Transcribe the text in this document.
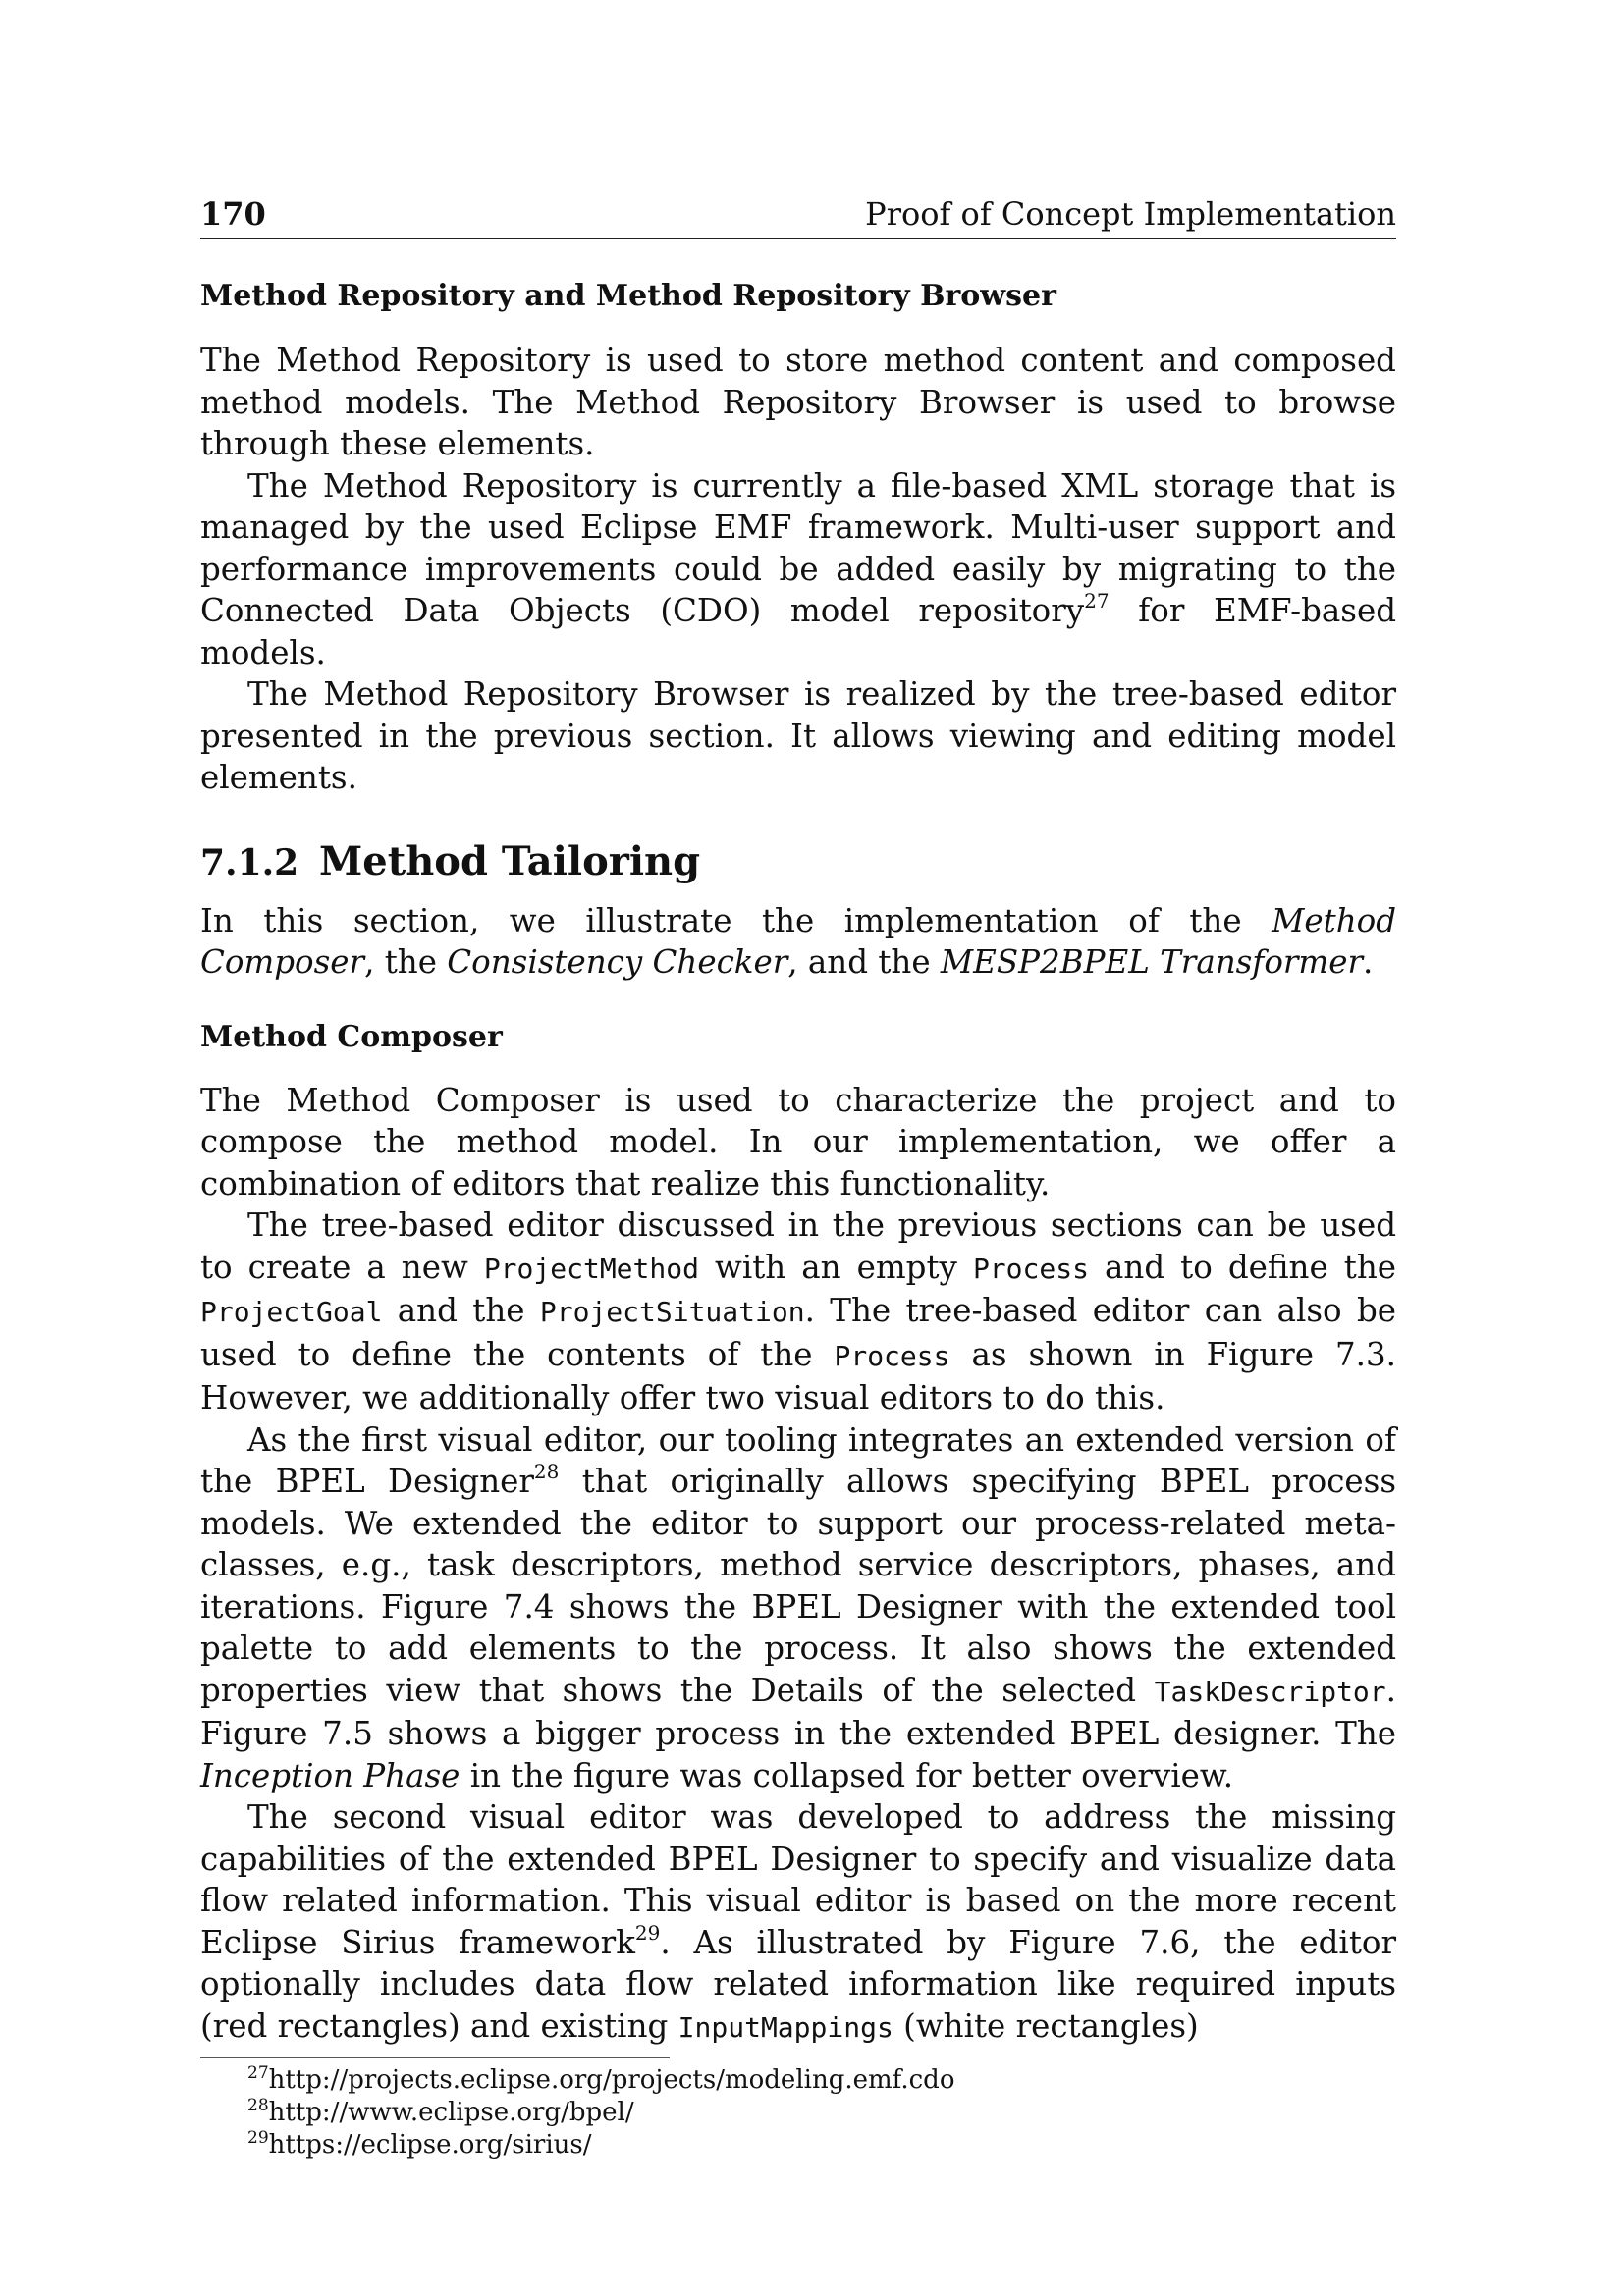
170	Proof of Concept Implementation
Method Repository and Method Repository Browser

The Method Repository is used to store method content and composed method models. The Method Repository Browser is used to browse through these elements.

The Method Repository is currently a file-based XML storage that is managed by the used Eclipse EMF framework. Multi-user support and performance improvements could be added easily by migrating to the Connected Data Objects (CDO) model repository$^{27}$ for EMF-based models.

The Method Repository Browser is realized by the tree-based editor presented in the previous section. It allows viewing and editing model elements.

7.1.2 Method Tailoring

In this section, we illustrate the implementation of the Method Composer, the Consistency Checker, and the MESP2BPEL Transformer.

Method Composer

The Method Composer is used to characterize the project and to compose the method model. In our implementation, we offer a combination of editors that realize this functionality.

The tree-based editor discussed in the previous sections can be used to create a new ProjectMethod with an empty Process and to define the ProjectGoal and the ProjectSituation. The tree-based editor can also be used to define the contents of the Process as shown in Figure 7.3. However, we additionally offer two visual editors to do this.

As the first visual editor, our tooling integrates an extended version of the BPEL Designer$^{28}$ that originally allows specifying BPEL process models. We extended the editor to support our process-related meta-classes, e.g., task descriptors, method service descriptors, phases, and iterations. Figure 7.4 shows the BPEL Designer with the extended tool palette to add elements to the process. It also shows the extended properties view that shows the Details of the selected TaskDescriptor. Figure 7.5 shows a bigger process in the extended BPEL designer. The Inception Phase in the figure was collapsed for better overview.

The second visual editor was developed to address the missing capabilities of the extended BPEL Designer to specify and visualize data flow related information. This visual editor is based on the more recent Eclipse Sirius framework$^{29}$. As illustrated by Figure 7.6, the editor optionally includes data flow related information like required inputs (red rectangles) and existing InputMappings (white rectangles)

$^{27}$http://projects.eclipse.org/projects/modeling.emf.cdo

$^{28}$http://www.eclipse.org/bpel/

$^{29}$https://eclipse.org/sirius/
